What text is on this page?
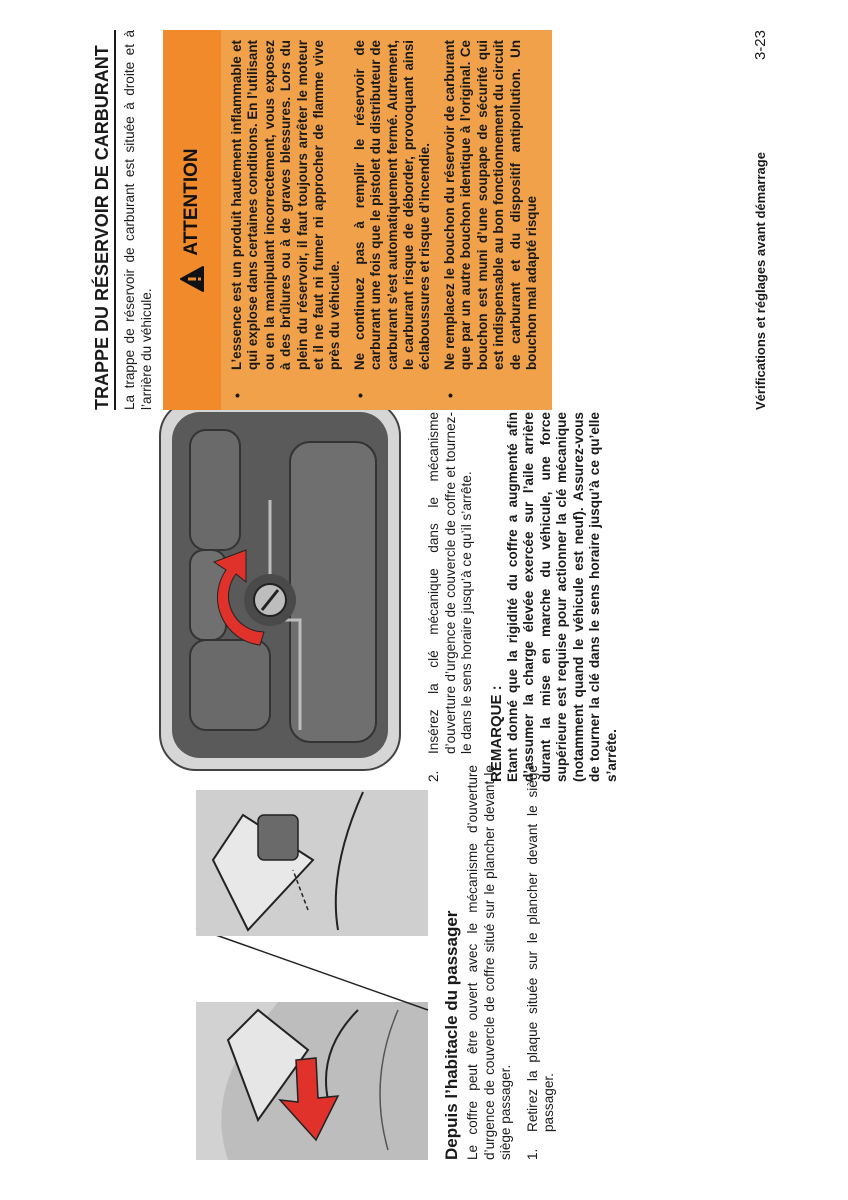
Depuis l’habitacle du passager Le coffre peut être ouvert avec le mécanisme d’ouverture d’urgence de couvercle de coffre situé sur le plancher devant le siège passager. 1.
Retirez la plaque située sur le plancher devant le siège passager.
2.
Insérez la clé mécanique dans le mécanisme d’ouverture d’urgence de couvercle de coffre et tournez-le dans le sens horaire jusqu’à ce qu’il s’arrête. REMARQUE : Etant donné que la rigidité du coffre a augmenté afin d’assumer la charge élevée exercée sur l’aile arrière durant la mise en marche du véhicule, une force supérieure est requise pour actionner la clé mécanique (notamment quand le véhicule est neuf). Assurez-vous de tourner la clé dans le sens horaire jusqu’à ce qu’elle s’arrête.
TRAPPE DU RÉSERVOIR DE CARBURANT La trappe de réservoir de carburant est située à droite et à l’arrière du véhicule.
ATTENTION
•
L’essence est un produit hautement inflammable et qui explose dans certaines conditions. En l’utilisant ou en la manipulant incorrectement, vous exposez à des brûlures ou à de graves blessures. Lors du plein du réservoir, il faut toujours arrêter le moteur et il ne faut ni fumer ni approcher de flamme vive près du véhicule.
•
Ne continuez pas à remplir le réservoir de carburant une fois que le pistolet du distributeur de carburant s’est automatiquement fermé. Autrement, le carburant risque de déborder, provoquant ainsi éclaboussures et risque d’incendie.
•
Ne remplacez le bouchon du réservoir de carburant que par un autre bouchon identique à l’original. Ce bouchon est muni d’une soupape de sécurité qui est indispensable au bon fonctionnement du circuit de carburant et du dispositif antipollution. Un bouchon mal adapté risque	Vérifications et réglages avant démarrage
3-23
